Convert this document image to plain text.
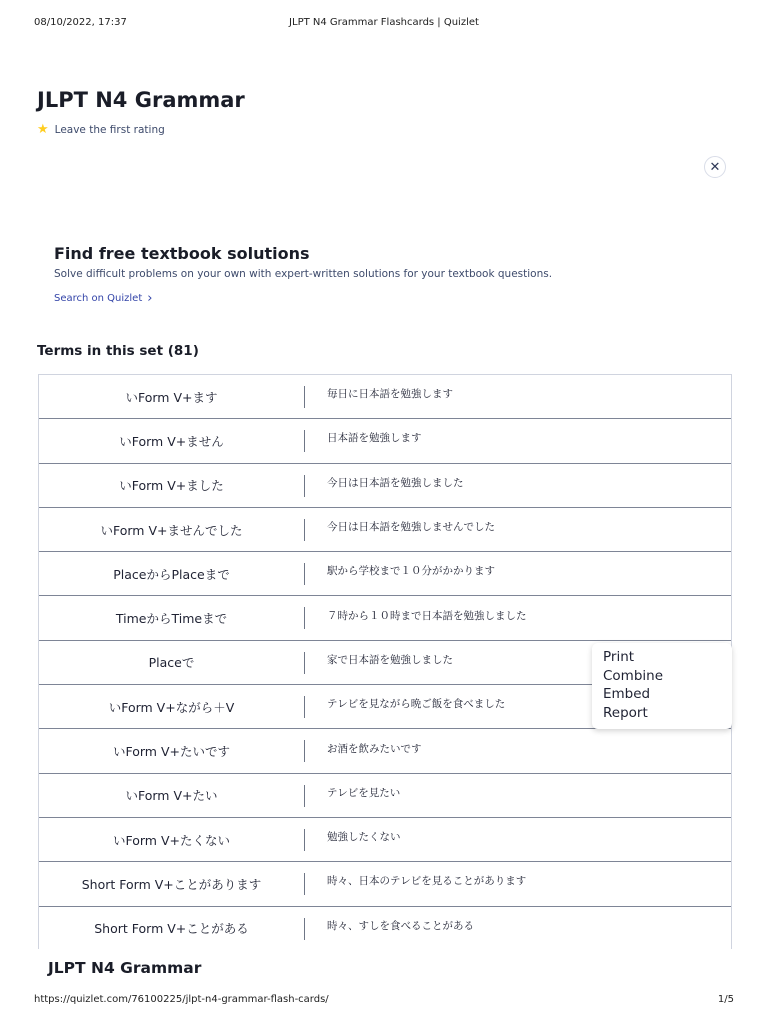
08/10/2022, 17:37	JLPT N4 Grammar Flashcards | Quizlet
JLPT N4 Grammar
★ Leave the first rating
✕
Find free textbook solutions
Solve difficult problems on your own with expert-written solutions for your textbook questions.
Search on Quizlet ›
Terms in this set (81)
いForm V+ます	毎日に日本語を勉強します
いForm V+ません	日本語を勉強します
いForm V+ました	今日は日本語を勉強しました
いForm V+ませんでした	今日は日本語を勉強しませんでした
PlaceからPlaceまで	駅から学校まで１０分がかかります
TimeからTimeまで	７時から１０時まで日本語を勉強しました
Placeで	家で日本語を勉強しました
いForm V+ながら＋V	テレビを見ながら晩ご飯を食べました
いForm V+たいです	お酒を飲みたいです
いForm V+たい	テレビを見たい
いForm V+たくない	勉強したくない
Short Form V+ことがあります	時々、日本のテレビを見ることがあります
Short Form V+ことがある	時々、すしを食べることがある
Print
Combine
Embed
Report
JLPT N4 Grammar
https://quizlet.com/76100225/jlpt-n4-grammar-flash-cards/	1/5
